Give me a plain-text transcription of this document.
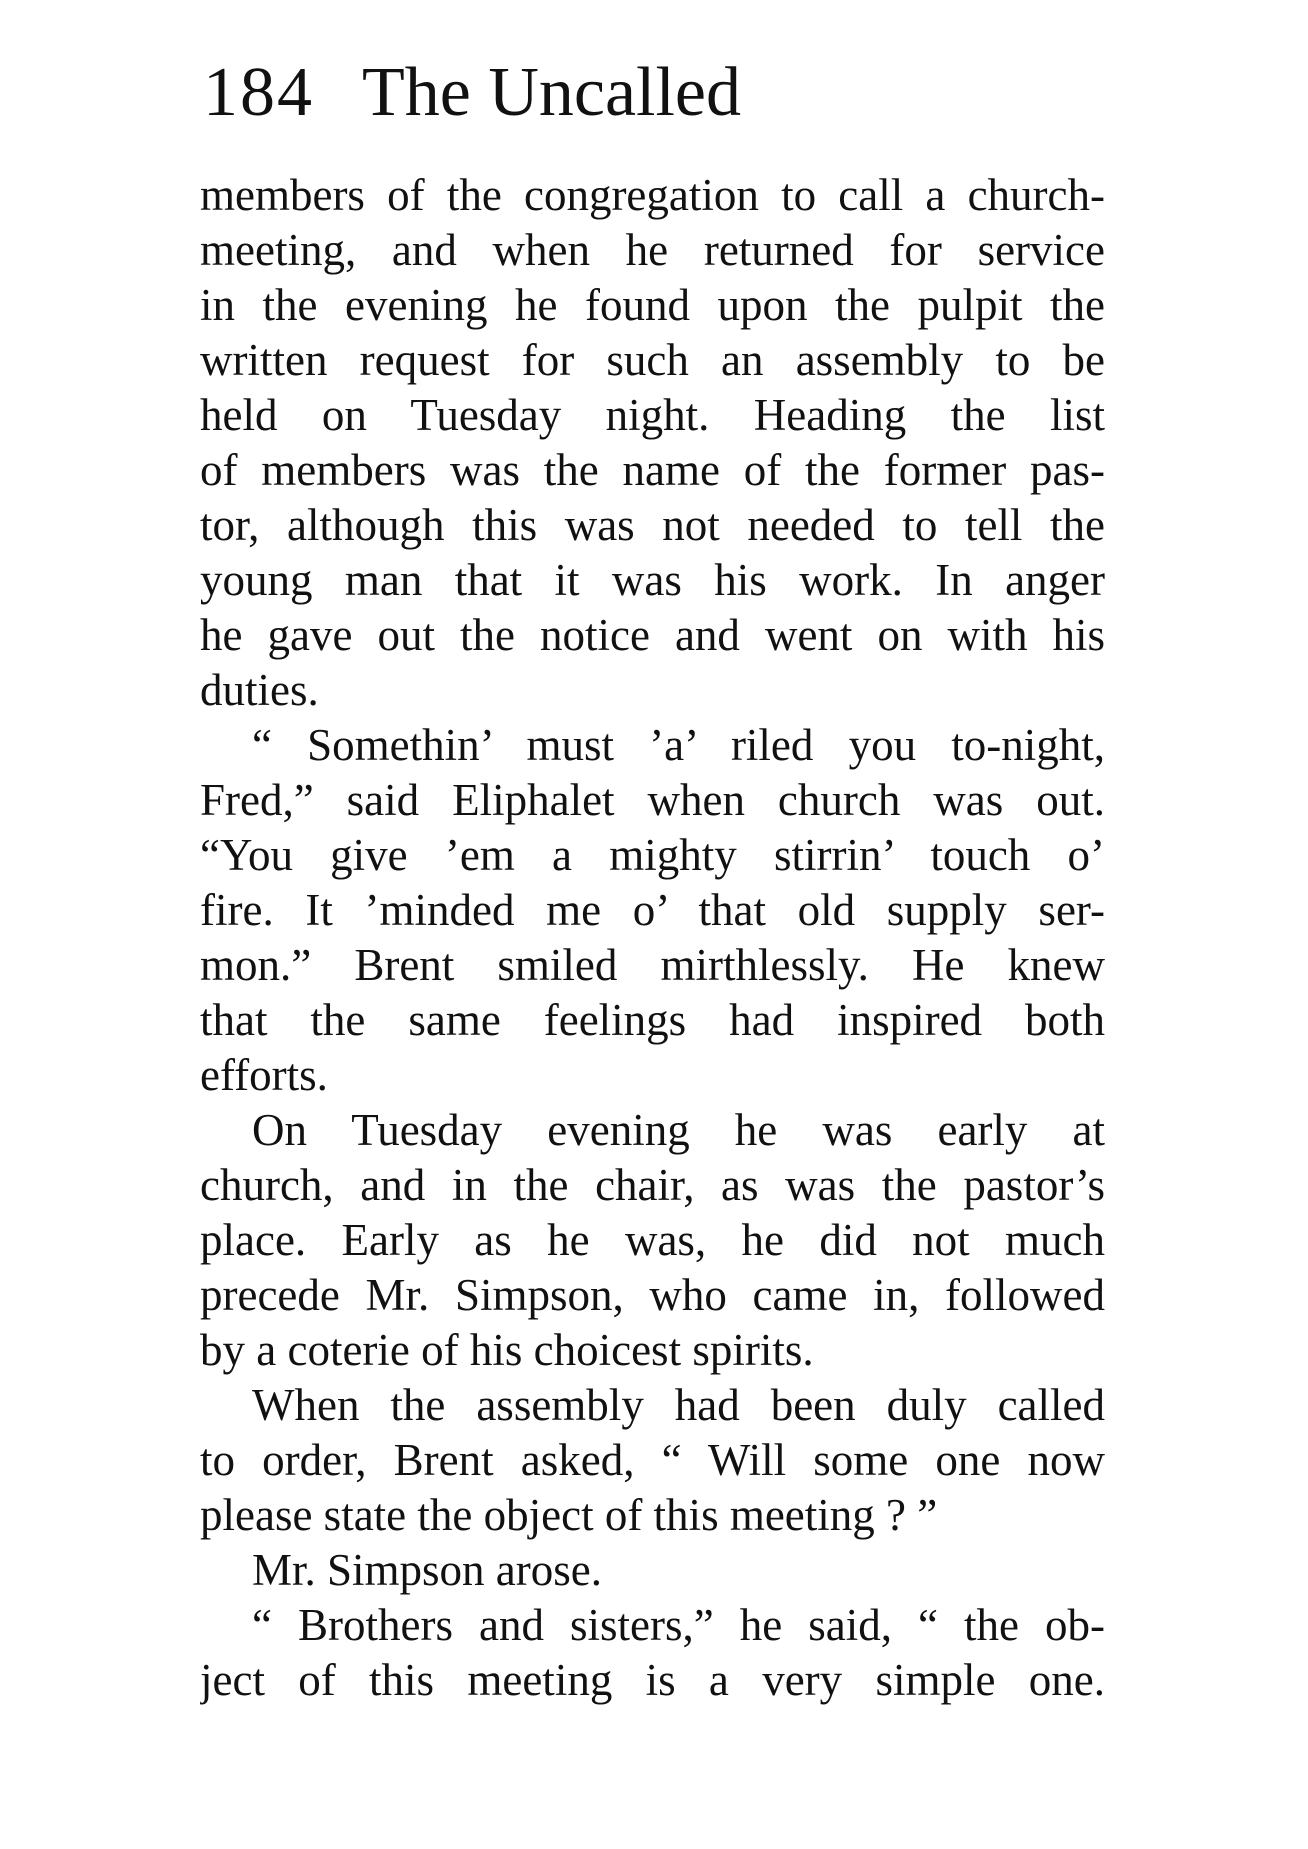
184 The Uncalled
members of the congregation to call a church-
meeting, and when he returned for service
in the evening he found upon the pulpit the
written request for such an assembly to be
held on Tuesday night. Heading the list
of members was the name of the former pas-
tor, although this was not needed to tell the
young man that it was his work. In anger
he gave out the notice and went on with his
duties.
“ Somethin’ must ’a’ riled you to-night,
Fred,” said Eliphalet when church was out.
“You give ’em a mighty stirrin’ touch o’
fire. It ’minded me o’ that old supply ser-
mon.” Brent smiled mirthlessly. He knew
that the same feelings had inspired both
efforts.
On Tuesday evening he was early at
church, and in the chair, as was the pastor’s
place. Early as he was, he did not much
precede Mr. Simpson, who came in, followed
by a coterie of his choicest spirits.
When the assembly had been duly called
to order, Brent asked, “ Will some one now
please state the object of this meeting ? ”
Mr. Simpson arose.
“ Brothers and sisters,” he said, “ the ob-
ject of this meeting is a very simple one.
